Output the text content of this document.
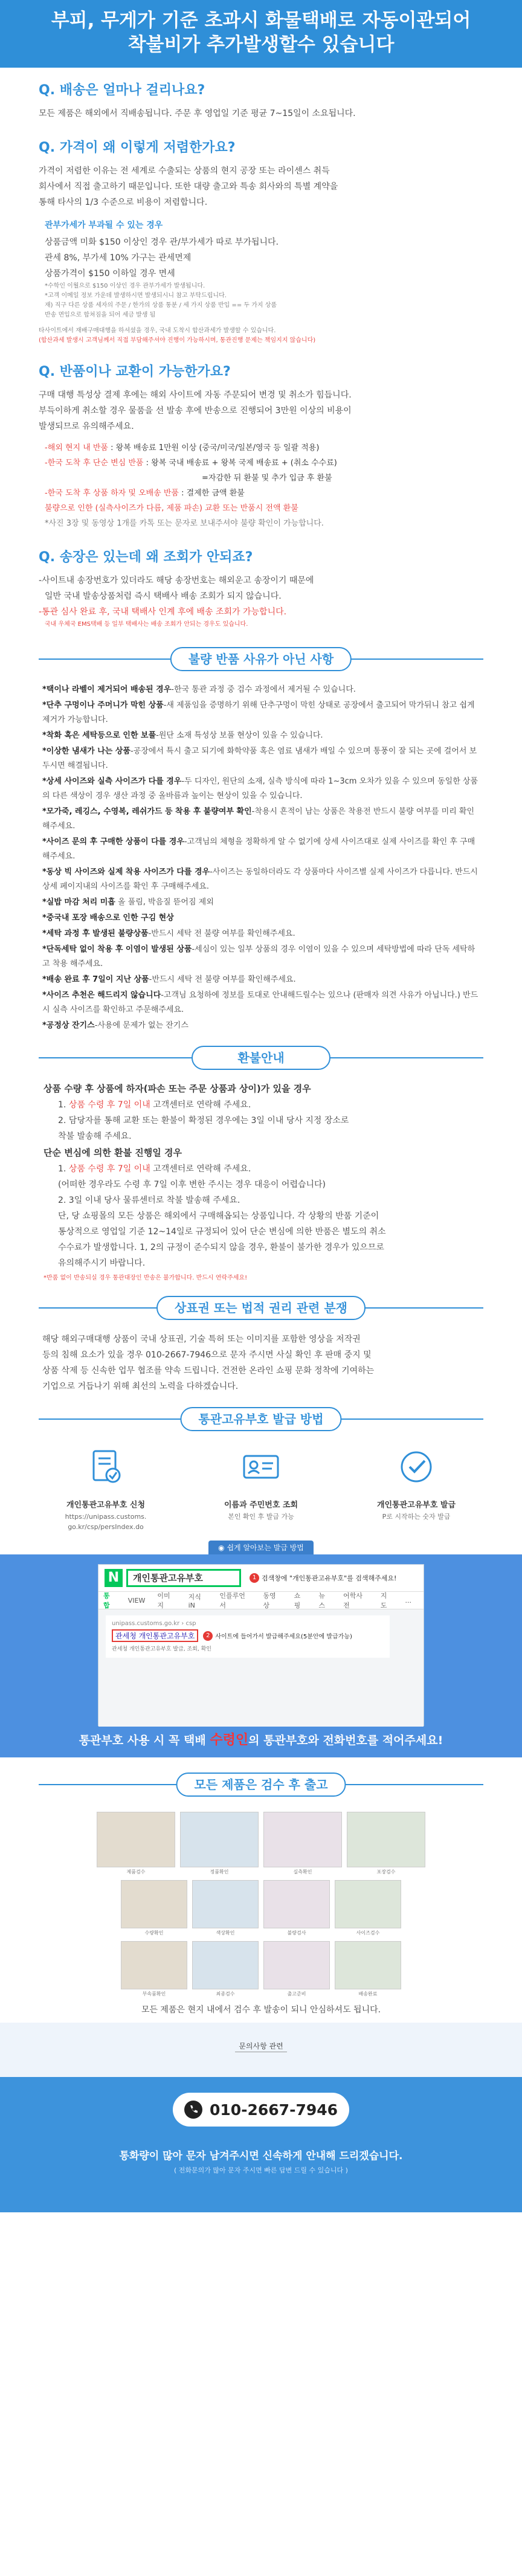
부피, 무게가 기준 초과시 화물택배로 자동이관되어
착불비가 추가발생할수 있습니다
Q. 배송은 얼마나 걸리나요?
모든 제품은 해외에서 직배송됩니다. 주문 후 영업일 기준 평균 7~15일이 소요됩니다.
Q. 가격이 왜 이렇게 저렴한가요?
가격이 저렴한 이유는 전 세계로 수출되는 상품의 현지 공장 또는 라이센스 취득
회사에서 직접 출고하기 때문입니다. 또한 대량 출고와 특송 회사와의 특별 계약을
통해 타사의 1/3 수준으로 비용이 저렴합니다.
관부가세가 부과될 수 있는 경우
상품금액 미화 $150 이상인 경우 관/부가세가 따로 부가됩니다.
관세 8%, 부가세 10% 가구는 관세면제
상품가격이 $150 이하일 경우 면세
*수학인 이월으로 $150 이상인 경우 관부가세가 발생됩니다.
*고객 이메일 정보 가운데 발생하시면 발생되시니 참고 부탁드립니다.
재) 직구 다른 상품 세자의 주문 / 한가의 상품 통분 / 세 가지 상품 반입 == 두 가지 상품
반송 면입으로 합쳐짐을 되어 세금 발생 됨
타사이트에서 재배구매대행을 하셔셨을 경우, 국내 도착시 합산과세가 발생할 수 있습니다.
(합산과세 발생시 고객님께서 직접 부담해주셔야 진행이 가능하시며, 통관진행 문제는 책임지지 않습니다)
Q. 반품이나 교환이 가능한가요?
구매 대행 특성상 결제 후에는 해외 사이트에 자동 주문되어 변경 및 취소가 힘듭니다.
부득이하게 취소할 경우 물품을 선 발송 후에 반송으로 진행되어 3만원 이상의 비용이
발생되므로 유의해주세요.
-해외 현지 내 반품 : 왕복 배송료 1만원 이상 (중국/미국/일본/영국 등 일괄 적용)
-한국 도착 후 단순 변심 반품 : 왕복 국내 배송료 + 왕복 국제 배송료 + (취소 수수료)
=자감한 뒤 환불 및 추가 입금 후 환불
-한국 도착 후 상품 하자 및 오배송 반품 : 결제한 금액 환불
불량으로 인한 (실측사이즈가 다름, 제품 파손) 교환 또는 반품시 전액 환불
*사진 3장 및 동영상 1개를 카톡 또는 문자로 보내주셔야 불량 확인이 가능합니다.
Q. 송장은 있는데 왜 조회가 안되죠?
-사이트내 송장번호가 있더라도 해당 송장번호는 해외운고 송장이기 때문에
일반 국내 발송상품처럼 즉시 택배사 배송 조회가 되지 않습니다.
-통관 심사 완료 후, 국내 택배사 인계 후에 배송 조회가 가능합니다.
국내 우체국 EMS택배 등 일부 택배사는 배송 조회가 안되는 경우도 있습니다.
불량 반품 사유가 아닌 사항
*택이나 라벨이 제거되어 배송된 경우-한국 통관 과정 중 검수 과정에서 제거될 수 있습니다.
*단추 구멍이나 주머니가 막힌 상품-새 제품임을 증명하기 위해 단추구멍이 막힌 상태로 공장에서 출고되어 막가뒤니 참고 쉽게 제거가 가능합니다.
*착화 혹은 세탁등으로 인한 보풀-원단 소재 특성상 보풀 현상이 있을 수 있습니다.
*이상한 냄새가 나는 상품-공장에서 특시 출고 되기에 화학약품 혹은 염료 냄새가 배일 수 있으며 통풍이 잘 되는 곳에 걸어서 보두시면 해결됩니다.
*상세 사이즈와 실측 사이즈가 다를 경우-두 디자인, 원단의 소재, 실측 방식에 따라 1~3cm 오차가 있을 수 있으며 동일한 상품의 다른 색상이 경우 생산 과정 중 올바름과 높이는 현상이 있을 수 있습니다.
*모가죽, 레깅스, 수영복, 레쉬가드 등 착용 후 불량여부 확인-착용시 흔적이 남는 상품은 착용전 반드시 불량 여부를 미리 확인해주세요.
*사이즈 문의 후 구매한 상품이 다를 경우-고객님의 체형을 정확하게 알 수 없기에 상세 사이즈대로 실제 사이즈를 확인 후 구매해주세요.
*동상 빅 사이즈와 실제 착용 사이즈가 다를 경우-사이즈는 동일하더라도 각 상품마다 사이즈별 실제 사이즈가 다릅니다. 반드시 상세 페이지내의 사이즈를 확인 후 구매해주세요.
*실밥 마감 처리 미흡 올 풀림, 박음질 뜯어짐 제외
*중국내 포장 배송으로 인한 구김 현상
*세탁 과정 후 발생된 불량상품-반드시 세탁 전 불량 여부를 확인해주세요.
*단독세탁 없이 착용 후 이염이 발생된 상품-세심이 있는 일부 상품의 경우 이염이 있을 수 있으며 세탁방법에 따라 단독 세탁하고 착용 해주세요.
*배송 완료 후 7일이 지난 상품-반드시 세탁 전 불량 여부를 확인해주세요.
*사이즈 추천은 해드리지 않습니다-고객님 요청하에 정보를 토대로 안내해드릴수는 있으나 (판매자 의견 사유가 아닙니다.) 반드시 실측 사이즈를 확인하고 주문해주세요.
*공정상 잔기스-사용에 문제가 없는 잔기스
환불안내
상품 수량 후 상품에 하자(파손 또는 주문 상품과 상이)가 있을 경우
1. 상품 수령 후 7일 이내 고객센터로 연락해 주세요.
2. 담당자를 통해 교환 또는 환불이 확정된 경우에는 3일 이내 당사 지정 장소로
착불 발송해 주세요.
단순 변심에 의한 환불 진행일 경우
1. 상품 수령 후 7일 이내 고객센터로 연락해 주세요.
(어떠한 경우라도 수령 후 7일 이후 변한 주시는 경우 대응이 어렵습니다)
2. 3일 이내 당사 물류센터로 착불 발송해 주세요.
단, 당 쇼핑몰의 모든 상품은 해외에서 구매해옵되는 상품입니다. 각 상황의 반품 기준이
통상적으로 영업일 기준 12~14일로 규정되어 있어 단순 변심에 의한 반품은 별도의 취소
수수료가 발생합니다. 1, 2의 규정이 준수되지 않을 경우, 환불이 불가한 경우가 있으므로
유의해주시기 바랍니다.
*반품 없이 반송되실 경우 통관대장인 반송은 불가합니다. 반드시 연락주세요!
상표권 또는 법적 권리 관련 분쟁
해당 해외구매대행 상품이 국내 상표권, 기술 특허 또는 이미지를 포함한 영상을 저작권
등의 침해 요소가 있을 경우 010-2667-7946으로 문자 주시면 사실 확인 후 판매 중지 및
상품 삭제 등 신속한 업무 협조를 약속 드립니다. 건전한 온라인 쇼핑 문화 정착에 기여하는
기업으로 거듭나기 위해 최선의 노력을 다하겠습니다.
통관고유부호 발급 방법
개인통관고유부호 신청
https://unipass.customs.
go.kr/csp/persIndex.do
이름과 주민번호 조회
본인 확인 후 발급 가능
개인통관고유부호 발급
P로 시작하는 숫자 발급
◉ 쉽게 알아보는 발급 방법
N	개인통관고유부호	1 검색창에 "개인통관고유부호"를 검색해주세요!
통합
VIEW
이미지
지식iN
인플루언서
동영상
쇼핑
뉴스
어학사전
지도
...
unipass.customs.go.kr › csp
관세청 개인통관고유부호	2 사이트에 들어가서 발급해주세요(5분안에 발급가능)
관세청 개인통관고유부호 발급, 조회, 확인
통관부호 사용 시 꼭 택배 수령인의 통관부호와 전화번호를 적어주세요!
모든 제품은 검수 후 출고
제품검수	정품확인	실측확인	포장검수
수량확인	색상확인	불량검사	사이즈검수
부속품확인	최종검수	출고준비	배송완료
모든 제품은 현지 내에서 검수 후 발송이 되니 안심하셔도 됩니다.
문의사항 관련
010-2667-7946
통화량이 많아 문자 남겨주시면 신속하게 안내해 드리겠습니다.
( 전화문의가 많아 문자 주시면 빠른 답변 드릴 수 있습니다 )
